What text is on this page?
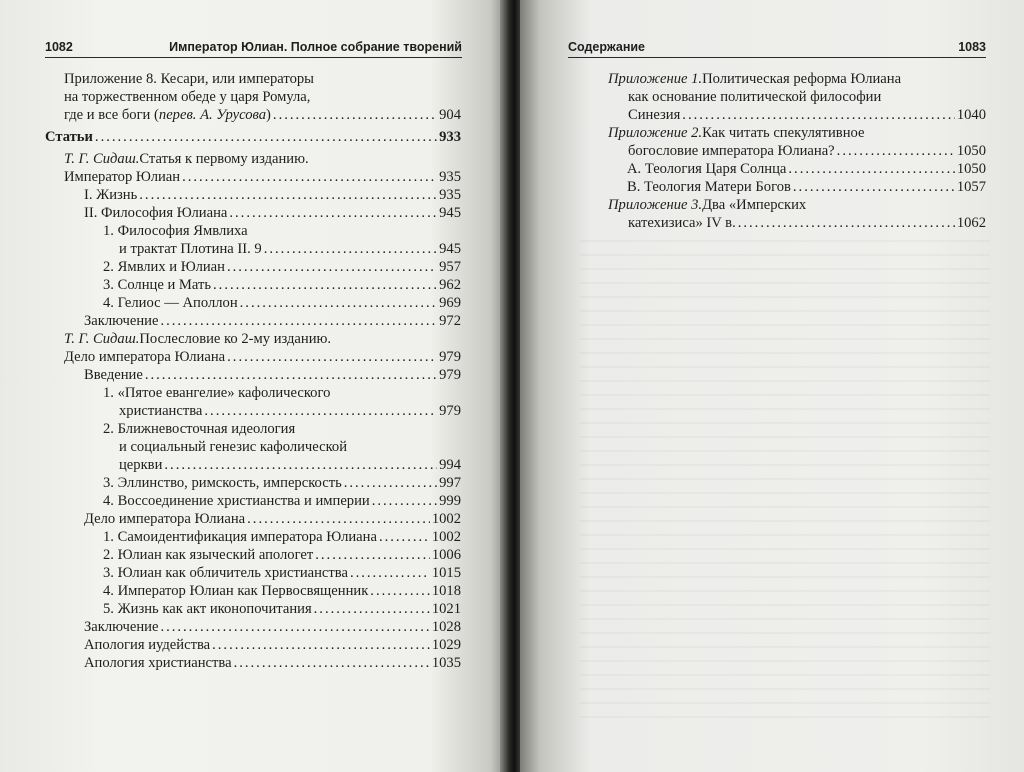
1082	Император Юлиан. Полное собрание творений
Приложение 8. Кесари, или императоры
на торжественном обеде у царя Ромула,
где и все боги ( перев. А. Урусова ) .....	904
Статьи .....	933
Т. Г. Сидаш. Статья к первому изданию.
Император Юлиан .....	935
I. Жизнь .....	935
II. Философия Юлиана .....	945
1. Философия Ямвлиха
и трактат Плотина II. 9 .....	945
2. Ямвлих и Юлиан .....	957
3. Солнце и Мать .....	962
4. Гелиос — Аполлон .....	969
Заключение .....	972
Т. Г. Сидаш. Послесловие ко 2-му изданию.
Дело императора Юлиана .....	979
Введение .....	979
1. «Пятое евангелие» кафолического
христианства .....	979
2. Ближневосточная идеология
и социальный генезис кафолической
церкви .....	994
3. Эллинство, римскость, имперскость .....	997
4. Воссоединение христианства и империи .....	999
Дело императора Юлиана .....	1002
1. Самоидентификация императора Юлиана .....	1002
2. Юлиан как языческий апологет .....	1006
3. Юлиан как обличитель христианства .....	1015
4. Император Юлиан как Первосвященник .....	1018
5. Жизнь как акт иконопочитания .....	1021
Заключение .....	1028
Апология иудейства .....	1029
Апология христианства .....	1035
Содержание	1083
Приложение 1. Политическая реформа Юлиана
как основание политической философии
Синезия .....	1040
Приложение 2. Как читать спекулятивное
богословие императора Юлиана? .....	1050
А. Теология Царя Солнца .....	1050
В. Теология Матери Богов .....	1057
Приложение 3. Два «Имперских
катехизиса» IV в. .....	1062
